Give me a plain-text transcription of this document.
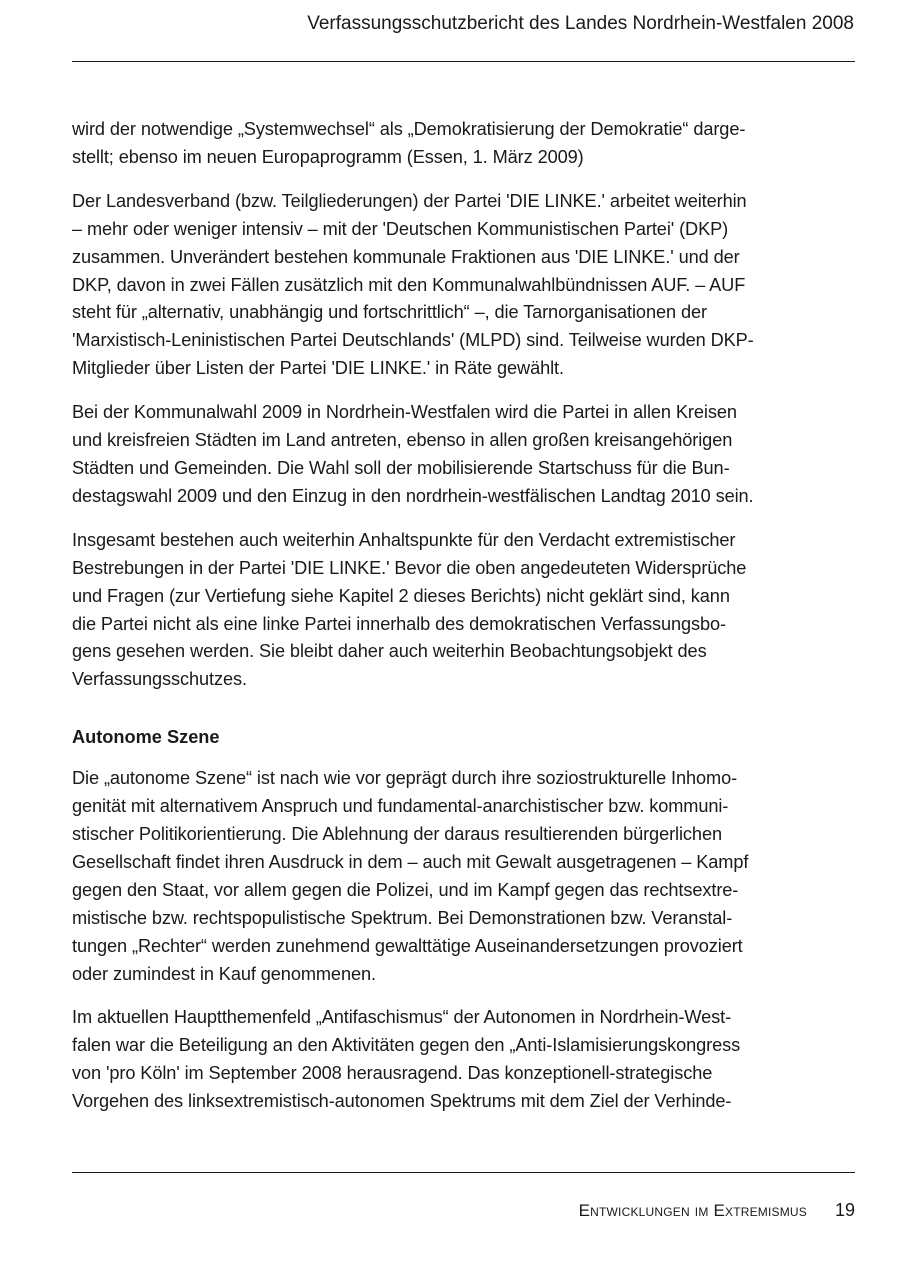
Verfassungsschutzbericht des Landes Nordrhein-Westfalen 2008

wird der notwendige „Systemwechsel“ als „Demokratisierung der Demokratie“ darge-
stellt; ebenso im neuen Europaprogramm (Essen, 1. März 2009)

Der Landesverband (bzw. Teilgliederungen) der Partei 'DIE LINKE.' arbeitet weiterhin
– mehr oder weniger intensiv – mit der 'Deutschen Kommunistischen Partei' (DKP)
zusammen. Unverändert bestehen kommunale Fraktionen aus 'DIE LINKE.' und der
DKP, davon in zwei Fällen zusätzlich mit den Kommunalwahlbündnissen AUF. – AUF
steht für „alternativ, unabhängig und fortschrittlich“ –, die Tarnorganisationen der
'Marxistisch-Leninistischen Partei Deutschlands' (MLPD) sind. Teilweise wurden DKP-
Mitglieder über Listen der Partei 'DIE LINKE.' in Räte gewählt.

Bei der Kommunalwahl 2009 in Nordrhein-Westfalen wird die Partei in allen Kreisen
und kreisfreien Städten im Land antreten, ebenso in allen großen kreisangehörigen
Städten und Gemeinden. Die Wahl soll der mobilisierende Startschuss für die Bun-
destagswahl 2009 und den Einzug in den nordrhein-westfälischen Landtag 2010 sein.

Insgesamt bestehen auch weiterhin Anhaltspunkte für den Verdacht extremistischer
Bestrebungen in der Partei 'DIE LINKE.' Bevor die oben angedeuteten Widersprüche
und Fragen (zur Vertiefung siehe Kapitel 2 dieses Berichts) nicht geklärt sind, kann
die Partei nicht als eine linke Partei innerhalb des demokratischen Verfassungsbo-
gens gesehen werden. Sie bleibt daher auch weiterhin Beobachtungsobjekt des
Verfassungsschutzes.

Autonome Szene

Die „autonome Szene“ ist nach wie vor geprägt durch ihre soziostrukturelle Inhomo-
genität mit alternativem Anspruch und fundamental-anarchistischer bzw. kommuni-
stischer Politikorientierung. Die Ablehnung der daraus resultierenden bürgerlichen
Gesellschaft findet ihren Ausdruck in dem – auch mit Gewalt ausgetragenen – Kampf
gegen den Staat, vor allem gegen die Polizei, und im Kampf gegen das rechtsextre-
mistische bzw. rechtspopulistische Spektrum. Bei Demonstrationen bzw. Veranstal-
tungen „Rechter“ werden zunehmend gewalttätige Auseinandersetzungen provoziert
oder zumindest in Kauf genommenen.

Im aktuellen Hauptthemenfeld „Antifaschismus“ der Autonomen in Nordrhein-West-
falen war die Beteiligung an den Aktivitäten gegen den „Anti-Islamisierungskongress
von 'pro Köln' im September 2008 herausragend. Das konzeptionell-strategische
Vorgehen des linksextremistisch-autonomen Spektrums mit dem Ziel der Verhinde-

Entwicklungen im Extremismus 19
